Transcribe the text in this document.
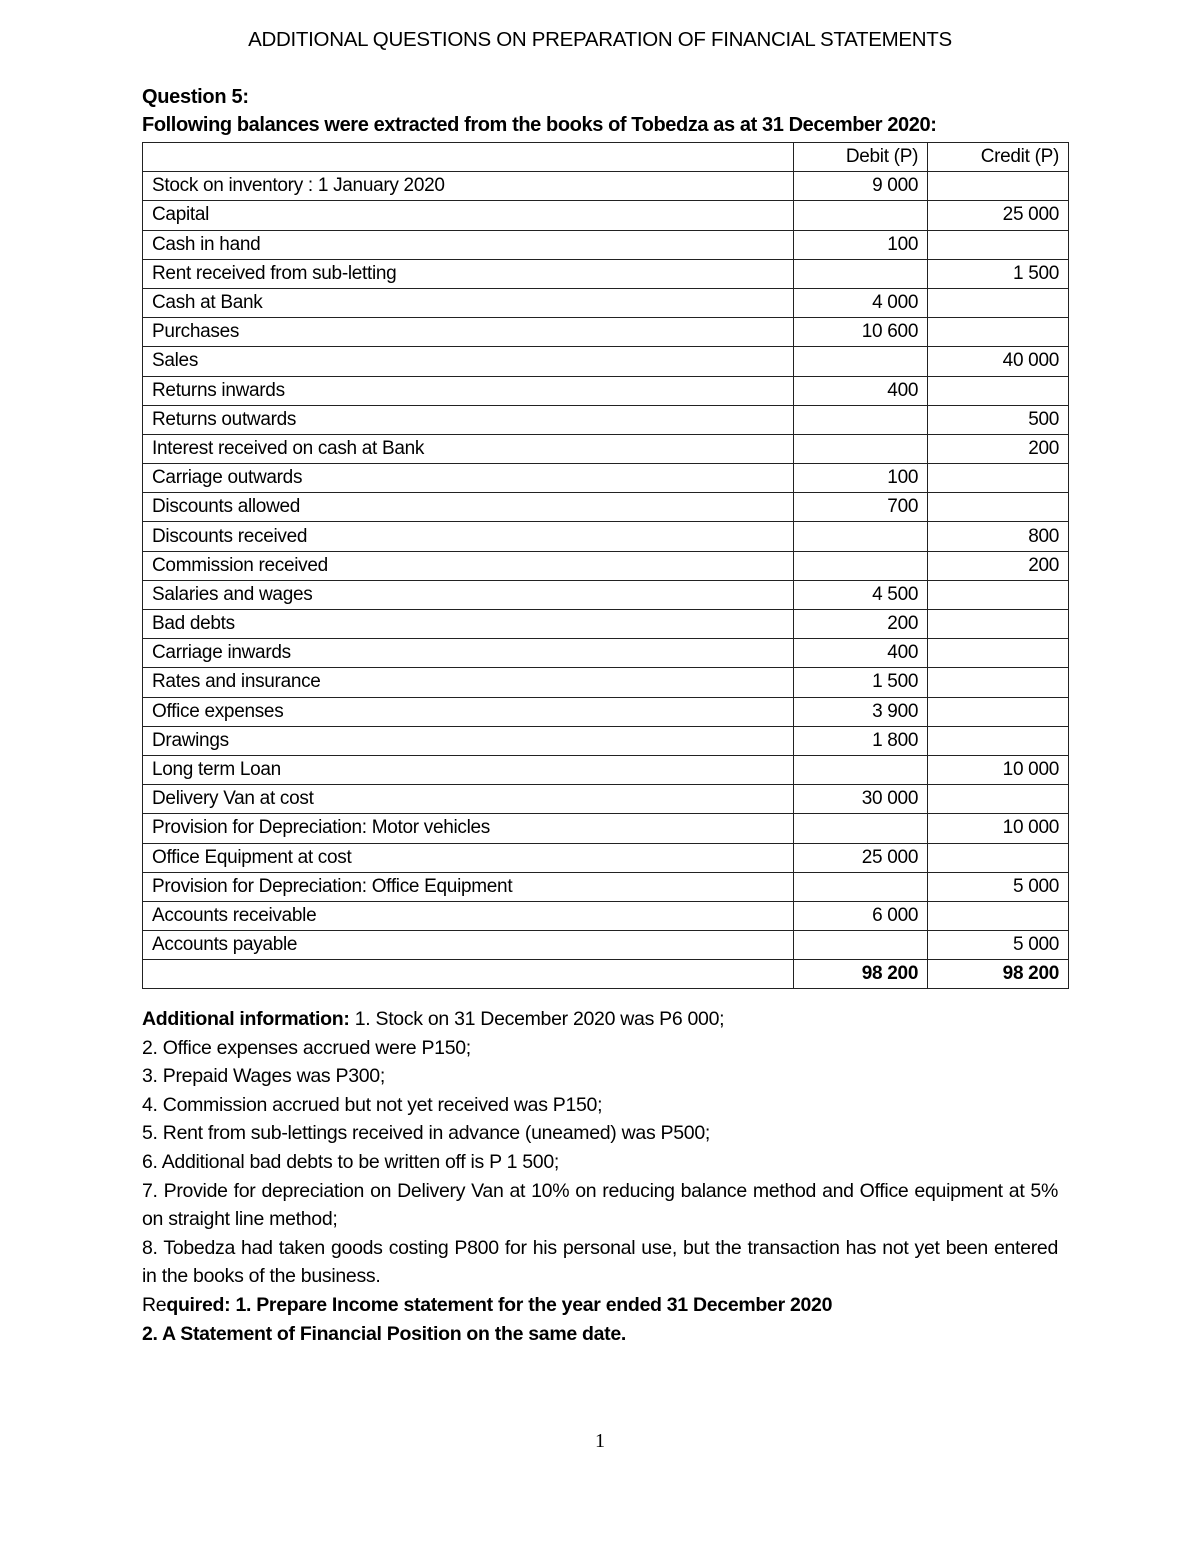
ADDITIONAL QUESTIONS ON PREPARATION OF FINANCIAL STATEMENTS
Question 5:
Following balances were extracted from the books of Tobedza as at 31 December 2020:
	Debit (P)	Credit (P)
Stock on inventory : 1 January 2020	9 000	
Capital		25 000
Cash in hand	100	
Rent received from sub-letting		1 500
Cash at Bank	4 000	
Purchases	10 600	
Sales		40 000
Returns inwards	400	
Returns outwards		500
Interest received on cash at Bank		200
Carriage outwards	100	
Discounts allowed	700	
Discounts received		800
Commission received		200
Salaries and wages	4 500	
Bad debts	200	
Carriage inwards	400	
Rates and insurance	1 500	
Office expenses	3 900	
Drawings	1 800	
Long term Loan		10 000
Delivery Van at cost	30 000	
Provision for Depreciation: Motor vehicles		10 000
Office Equipment at cost	25 000	
Provision for Depreciation: Office Equipment		5 000
Accounts receivable	6 000	
Accounts payable		5 000
	98 200	98 200

Additional information: 1. Stock on 31 December 2020 was P6 000;

2. Office expenses accrued were P150;

3. Prepaid Wages was P300;

4. Commission accrued but not yet received was P150;

5. Rent from sub-lettings received in advance (uneamed) was P500;

6. Additional bad debts to be written off is P 1 500;

7. Provide for depreciation on Delivery Van at 10% on reducing balance method and Office equipment at 5% on straight line method;

8. Tobedza had taken goods costing P800 for his personal use, but the transaction has not yet been entered in the books of the business.

Required: 1. Prepare Income statement for the year ended 31 December 2020

2. A Statement of Financial Position on the same date.

1
